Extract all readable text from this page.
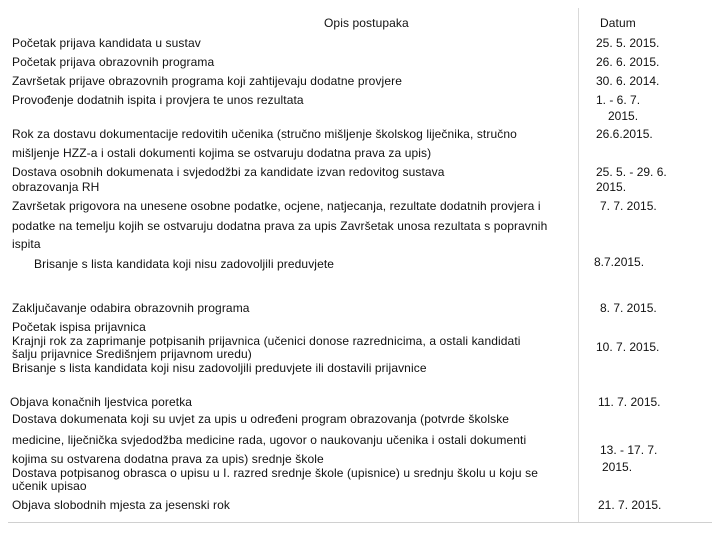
Opis postupaka	Datum
Početak prijava kandidata u sustav
Početak prijava obrazovnih programa
Završetak prijave obrazovnih programa koji zahtijevaju dodatne provjere
Provođenje dodatnih ispita i provjera te unos rezultata
25. 5. 2015.
26. 6. 2015.
30. 6. 2014.
1. - 6. 7.
2015.
Rok za dostavu dokumentacije redovitih učenika (stručno mišljenje školskog liječnika, stručno
mišljenje HZZ-a i ostali dokumenti kojima se ostvaruju dodatna prava za upis)
Dostava osobnih dokumenata i svjedodžbi za kandidate izvan redovitog sustava
obrazovanja RH
Završetak prigovora na unesene osobne podatke, ocjene, natjecanja, rezultate dodatnih provjera i
podatke na temelju kojih se ostvaruju dodatna prava za upis Završetak unosa rezultata s popravnih
ispita
Brisanje s lista kandidata koji nisu zadovoljili preduvjete
26.6.2015.
25. 5. - 29. 6.
2015.
7. 7. 2015.
8.7.2015.
Zaključavanje odabira obrazovnih programa
Početak ispisa prijavnica
Krajnji rok za zaprimanje potpisanih prijavnica (učenici donose razrednicima, a ostali kandidati
šalju prijavnice Središnjem prijavnom uredu)
Brisanje s lista kandidata koji nisu zadovoljili preduvjete ili dostavili prijavnice
8. 7. 2015.
10. 7. 2015.
Objava konačnih ljestvica poretka
Dostava dokumenata koji su uvjet za upis u određeni program obrazovanja (potvrde školske
medicine, liječnička svjedodžba medicine rada, ugovor o naukovanju učenika i ostali dokumenti
kojima su ostvarena dodatna prava za upis) srednje škole
Dostava potpisanog obrasca o upisu u I. razred srednje škole (upisnice) u srednju školu u koju se
učenik upisao
11. 7. 2015.
13. - 17. 7.
2015.
Objava slobodnih mjesta za jesenski rok	21. 7. 2015.
